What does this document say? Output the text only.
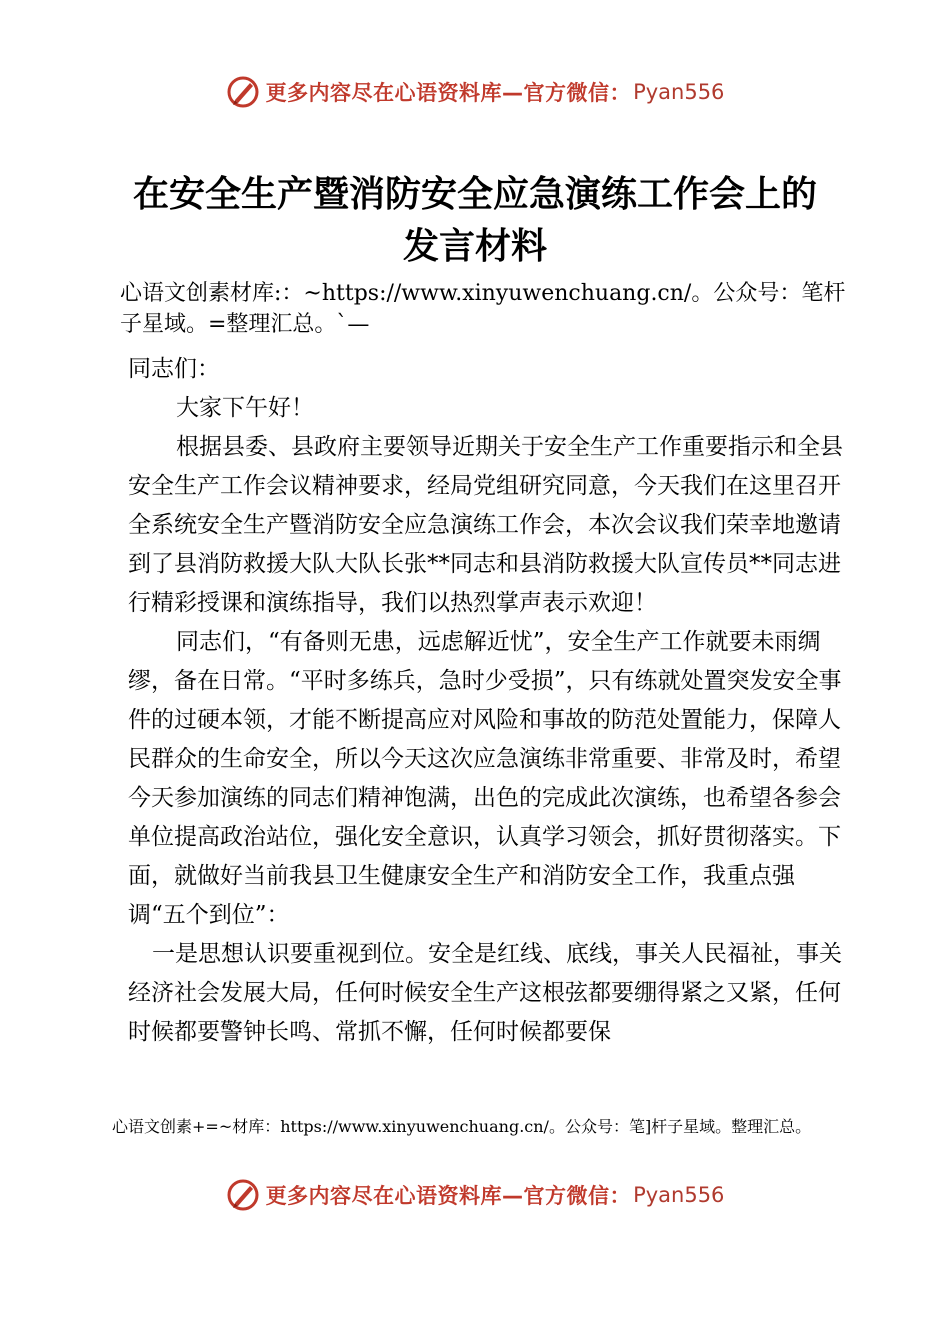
更多内容尽在心语资料库—官方微信： Pyan556
在安全生产暨消防安全应急演练工作会上的
发言材料
心语文创素材库:：~https://www.xinyuwenchuang.cn/。公众号：笔杆子星域。=整理汇总。`—

同志们：

大家下午好！

根据县委、县政府主要领导近期关于安全生产工作重要指示和全县安全生产工作会议精神要求，经局党组研究同意，今天我们在这里召开全系统安全生产暨消防安全应急演练工作会，本次会议我们荣幸地邀请到了县消防救援大队大队长张**同志和县消防救援大队宣传员**同志进行精彩授课和演练指导，我们以热烈掌声表示欢迎！

同志们，“有备则无患，远虑解近忧”，安全生产工作就要未雨绸缪，备在日常。“平时多练兵，急时少受损”，只有练就处置突发安全事件的过硬本领，才能不断提高应对风险和事故的防范处置能力，保障人民群众的生命安全，所以今天这次应急演练非常重要、非常及时，希望今天参加演练的同志们精神饱满，出色的完成此次演练，也希望各参会单位提高政治站位，强化安全意识，认真学习领会，抓好贯彻落实。下面，就做好当前我县卫生健康安全生产和消防安全工作，我重点强调“五个到位”：

一是思想认识要重视到位。安全是红线、底线，事关人民福祉，事关经济社会发展大局，任何时候安全生产这根弦都要绷得紧之又紧，任何时候都要警钟长鸣、常抓不懈，任何时候都要保

心语文创素+=~材库：https://www.xinyuwenchuang.cn/。公众号：笔]杆子星域。整理汇总。
更多内容尽在心语资料库—官方微信： Pyan556
